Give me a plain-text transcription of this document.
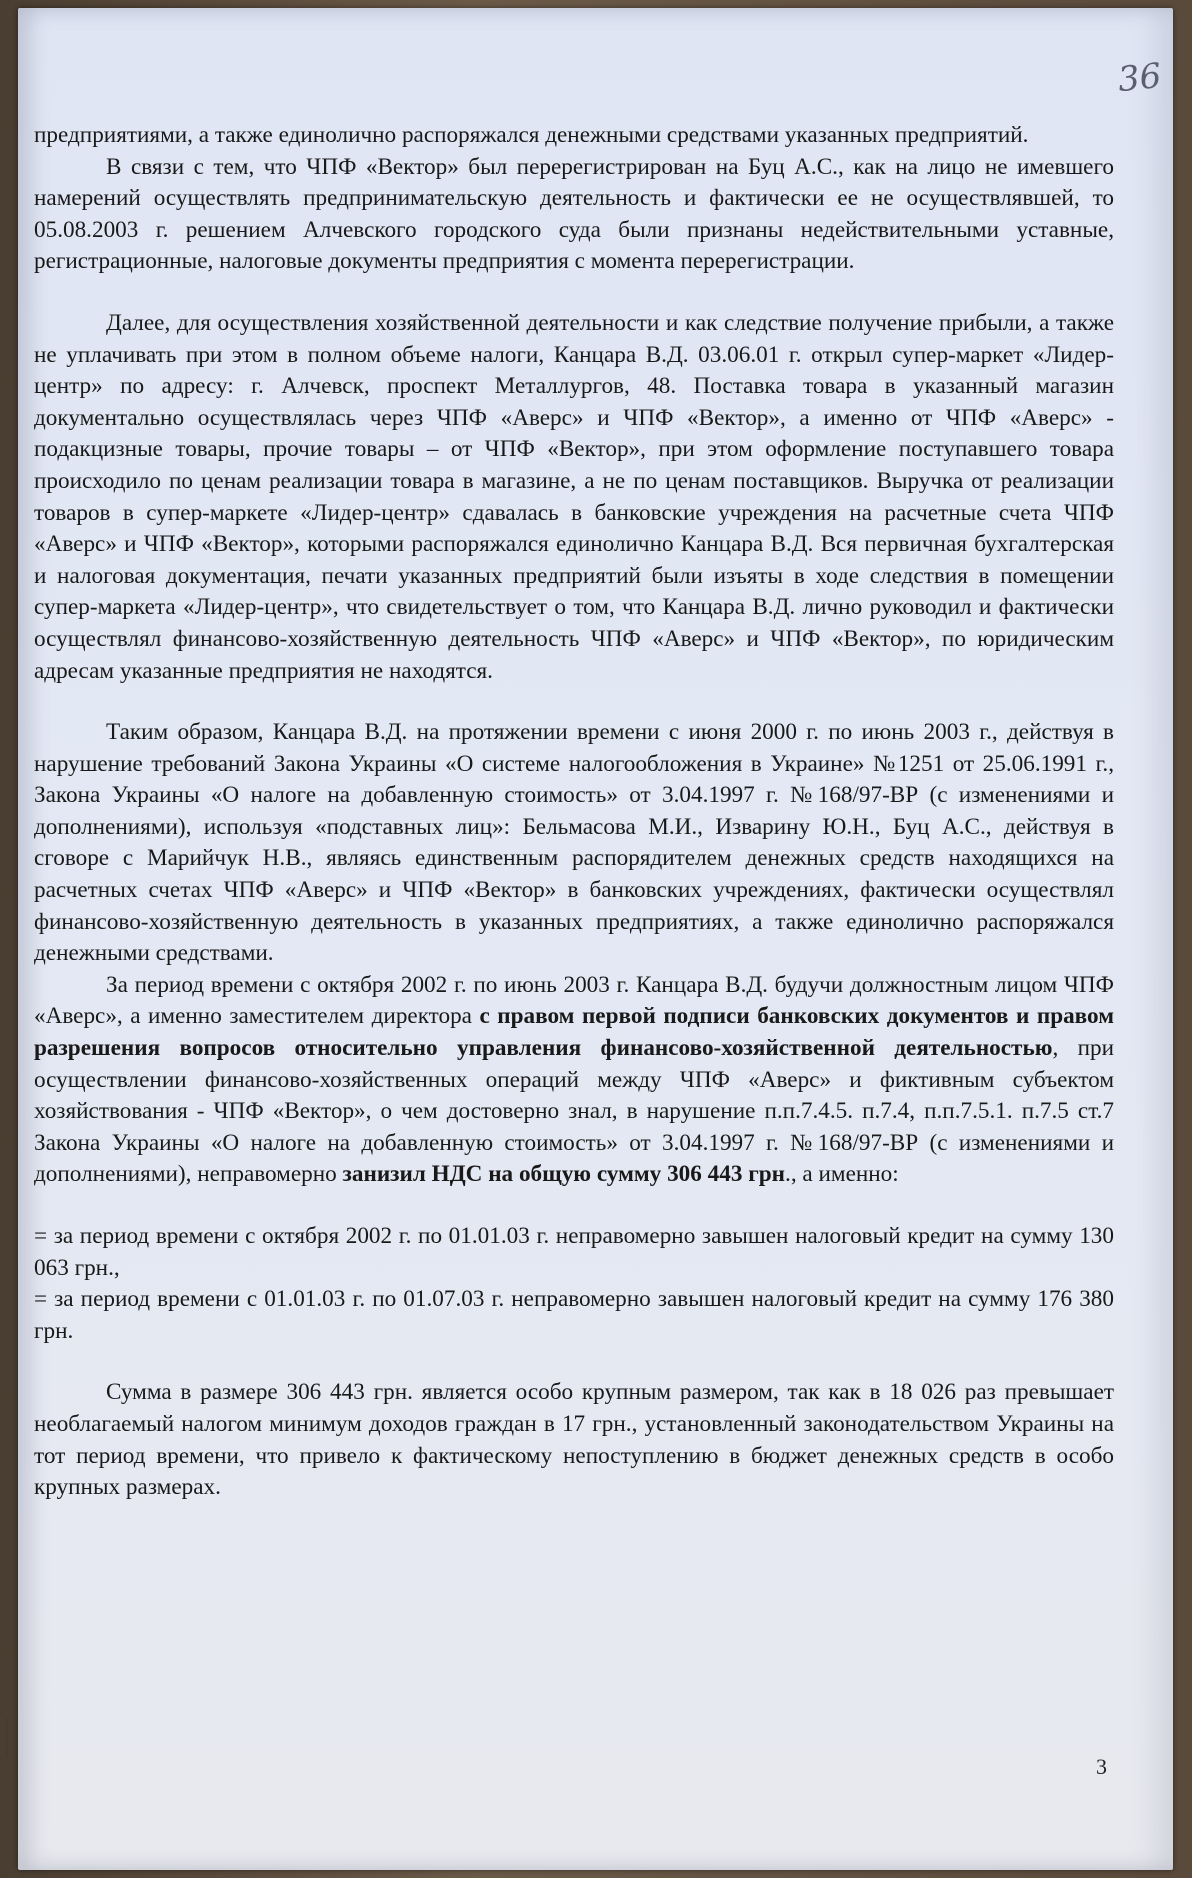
36

предприятиями, а также единолично распоряжался денежными средствами указанных предприятий.

В связи с тем, что ЧПФ «Вектор» был перерегистрирован на Буц А.С., как на лицо не имевшего намерений осуществлять предпринимательскую деятельность и фактически ее не осуществлявшей, то 05.08.2003 г. решением Алчевского городского суда были признаны недействительными уставные, регистрационные, налоговые документы предприятия с момента перерегистрации.

Далее, для осуществления хозяйственной деятельности и как следствие получение прибыли, а также не уплачивать при этом в полном объеме налоги, Канцара В.Д. 03.06.01 г. открыл супер-маркет «Лидер-центр» по адресу: г. Алчевск, проспект Металлургов, 48. Поставка товара в указанный магазин документально осуществлялась через ЧПФ «Аверс» и ЧПФ «Вектор», а именно от ЧПФ «Аверс» - подакцизные товары, прочие товары – от ЧПФ «Вектор», при этом оформление поступавшего товара происходило по ценам реализации товара в магазине, а не по ценам поставщиков. Выручка от реализации товаров в супер-маркете «Лидер-центр» сдавалась в банковские учреждения на расчетные счета ЧПФ «Аверс» и ЧПФ «Вектор», которыми распоряжался единолично Канцара В.Д. Вся первичная бухгалтерская и налоговая документация, печати указанных предприятий были изъяты в ходе следствия в помещении супер-маркета «Лидер-центр», что свидетельствует о том, что Канцара В.Д. лично руководил и фактически осуществлял финансово-хозяйственную деятельность ЧПФ «Аверс» и ЧПФ «Вектор», по юридическим адресам указанные предприятия не находятся.

Таким образом, Канцара В.Д. на протяжении времени с июня 2000 г. по июнь 2003 г., действуя в нарушение требований Закона Украины «О системе налогообложения в Украине» №1251 от 25.06.1991 г., Закона Украины «О налоге на добавленную стоимость» от 3.04.1997 г. №168/97-ВР (с изменениями и дополнениями), используя «подставных лиц»: Бельмасова М.И., Изварину Ю.Н., Буц А.С., действуя в сговоре с Марийчук Н.В., являясь единственным распорядителем денежных средств находящихся на расчетных счетах ЧПФ «Аверс» и ЧПФ «Вектор» в банковских учреждениях, фактически осуществлял финансово-хозяйственную деятельность в указанных предприятиях, а также единолично распоряжался денежными средствами.

За период времени с октября 2002 г. по июнь 2003 г. Канцара В.Д. будучи должностным лицом ЧПФ «Аверс», а именно заместителем директора с правом первой подписи банковских документов и правом разрешения вопросов относительно управления финансово-хозяйственной деятельностью, при осуществлении финансово-хозяйственных операций между ЧПФ «Аверс» и фиктивным субъектом хозяйствования - ЧПФ «Вектор», о чем достоверно знал, в нарушение п.п.7.4.5. п.7.4, п.п.7.5.1. п.7.5 ст.7 Закона Украины «О налоге на добавленную стоимость» от 3.04.1997 г. №168/97-ВР (с изменениями и дополнениями), неправомерно занизил НДС на общую сумму 306 443 грн., а именно:

= за период времени с октября 2002 г. по 01.01.03 г. неправомерно завышен налоговый кредит на сумму 130 063 грн.,

= за период времени с 01.01.03 г. по 01.07.03 г. неправомерно завышен налоговый кредит на сумму 176 380 грн.

Сумма в размере 306 443 грн. является особо крупным размером, так как в 18 026 раз превышает необлагаемый налогом минимум доходов граждан в 17 грн., установленный законодательством Украины на тот период времени, что привело к фактическому непоступлению в бюджет денежных средств в особо крупных размерах.

3
